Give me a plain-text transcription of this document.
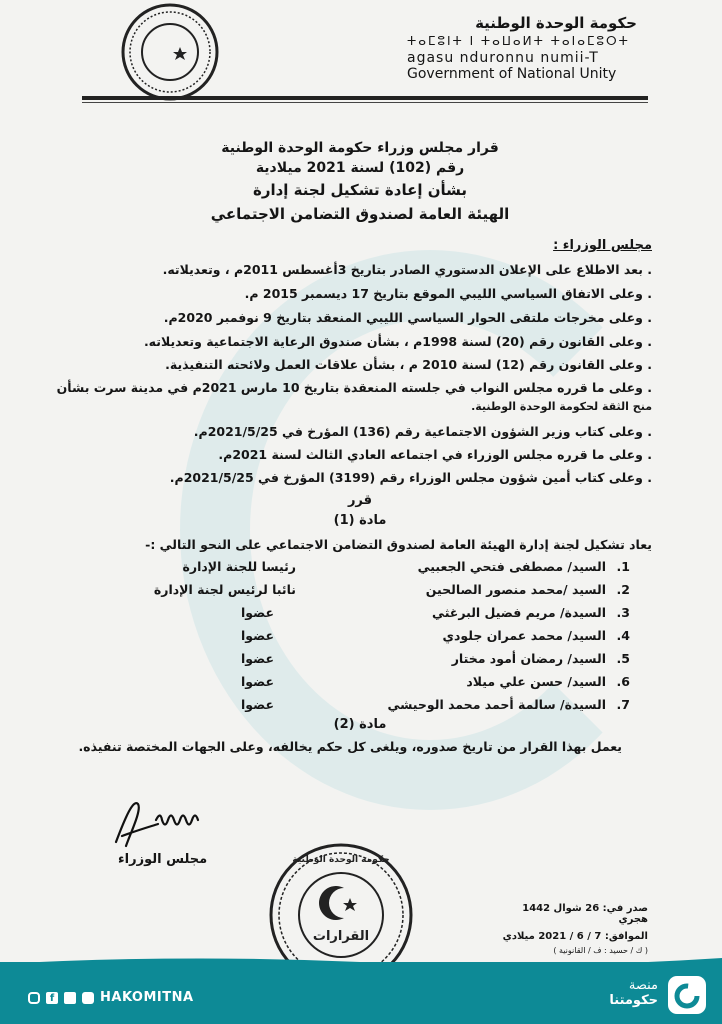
حكومة الوحدة الوطنية

ⵜⴰⵎⵓⵏⵜ ⵏ ⵜⴰⵡⴰⵍⵜ ⵜⴰⵏⴰⵎⵓⵔⵜ

agasu nduronnu numii-T

Government of National Unity

قرار مجلس وزراء حكومة الوحدة الوطنية
رقم (102) لسنة 2021 ميلادية
بشأن إعادة تشكيل لجنة إدارة
الهيئة العامة لصندوق التضامن الاجتماعي
مجلس الوزراء :
. بعد الاطلاع على الإعلان الدستوري الصادر بتاريخ 3أغسطس 2011م ، وتعديلاته.
. وعلى الاتفاق السياسي الليبي الموقع بتاريخ 17 ديسمبر 2015 م.
. وعلى مخرجات ملتقى الحوار السياسي الليبي المنعقد بتاريخ 9 نوفمبر 2020م.
. وعلى القانون رقم (20) لسنة 1998م ، بشأن صندوق الرعاية الاجتماعية وتعديلاته.
. وعلى القانون رقم (12) لسنة 2010 م ، بشأن علاقات العمل ولائحته التنفيذية.
. وعلى ما قرره مجلس النواب في جلسته المنعقدة بتاريخ 10 مارس 2021م في مدينة سرت بشأن
منح الثقة لحكومة الوحدة الوطنية.
. وعلى كتاب وزير الشؤون الاجتماعية رقم (136) المؤرخ في 2021/5/25م.
. وعلى ما قرره مجلس الوزراء في اجتماعه العادي الثالث لسنة 2021م.
. وعلى كتاب أمين شؤون مجلس الوزراء رقم (3199) المؤرخ في 2021/5/25م.
قرر
مادة (1)
يعاد تشكيل لجنة إدارة الهيئة العامة لصندوق التضامن الاجتماعي على النحو التالي :-
1.
السيد/ مصطفى فتحي الجعبيي
رئيسا للجنة الإدارة
2.
السيد /محمد منصور الصالحين
نائبا لرئيس لجنة الإدارة
3.
السيدة/ مريم فضيل البرغثي
عضوا
4.
السيد/ محمد عمران جلودي
عضوا
5.
السيد/ رمضان أمود مختار
عضوا
6.
السيد/ حسن علي ميلاد
عضوا
7.
السيدة/ سالمة أحمد محمد الوحيشي
عضوا
مادة (2)
يعمل بهذا القرار من تاريخ صدوره، ويلغى كل حكم يخالفه، وعلى الجهات المختصة تنفيذه.
مجلس الوزراء
القرارات
حكومة الوحدة الوطنية
صدر في: 26 شوال 1442 هجري
الموافق: 7 / 6 / 2021 ميلادي
( ك / حسيد : ف / القانونية )
f	HAKOMITNA
منصة
حكومتنا
